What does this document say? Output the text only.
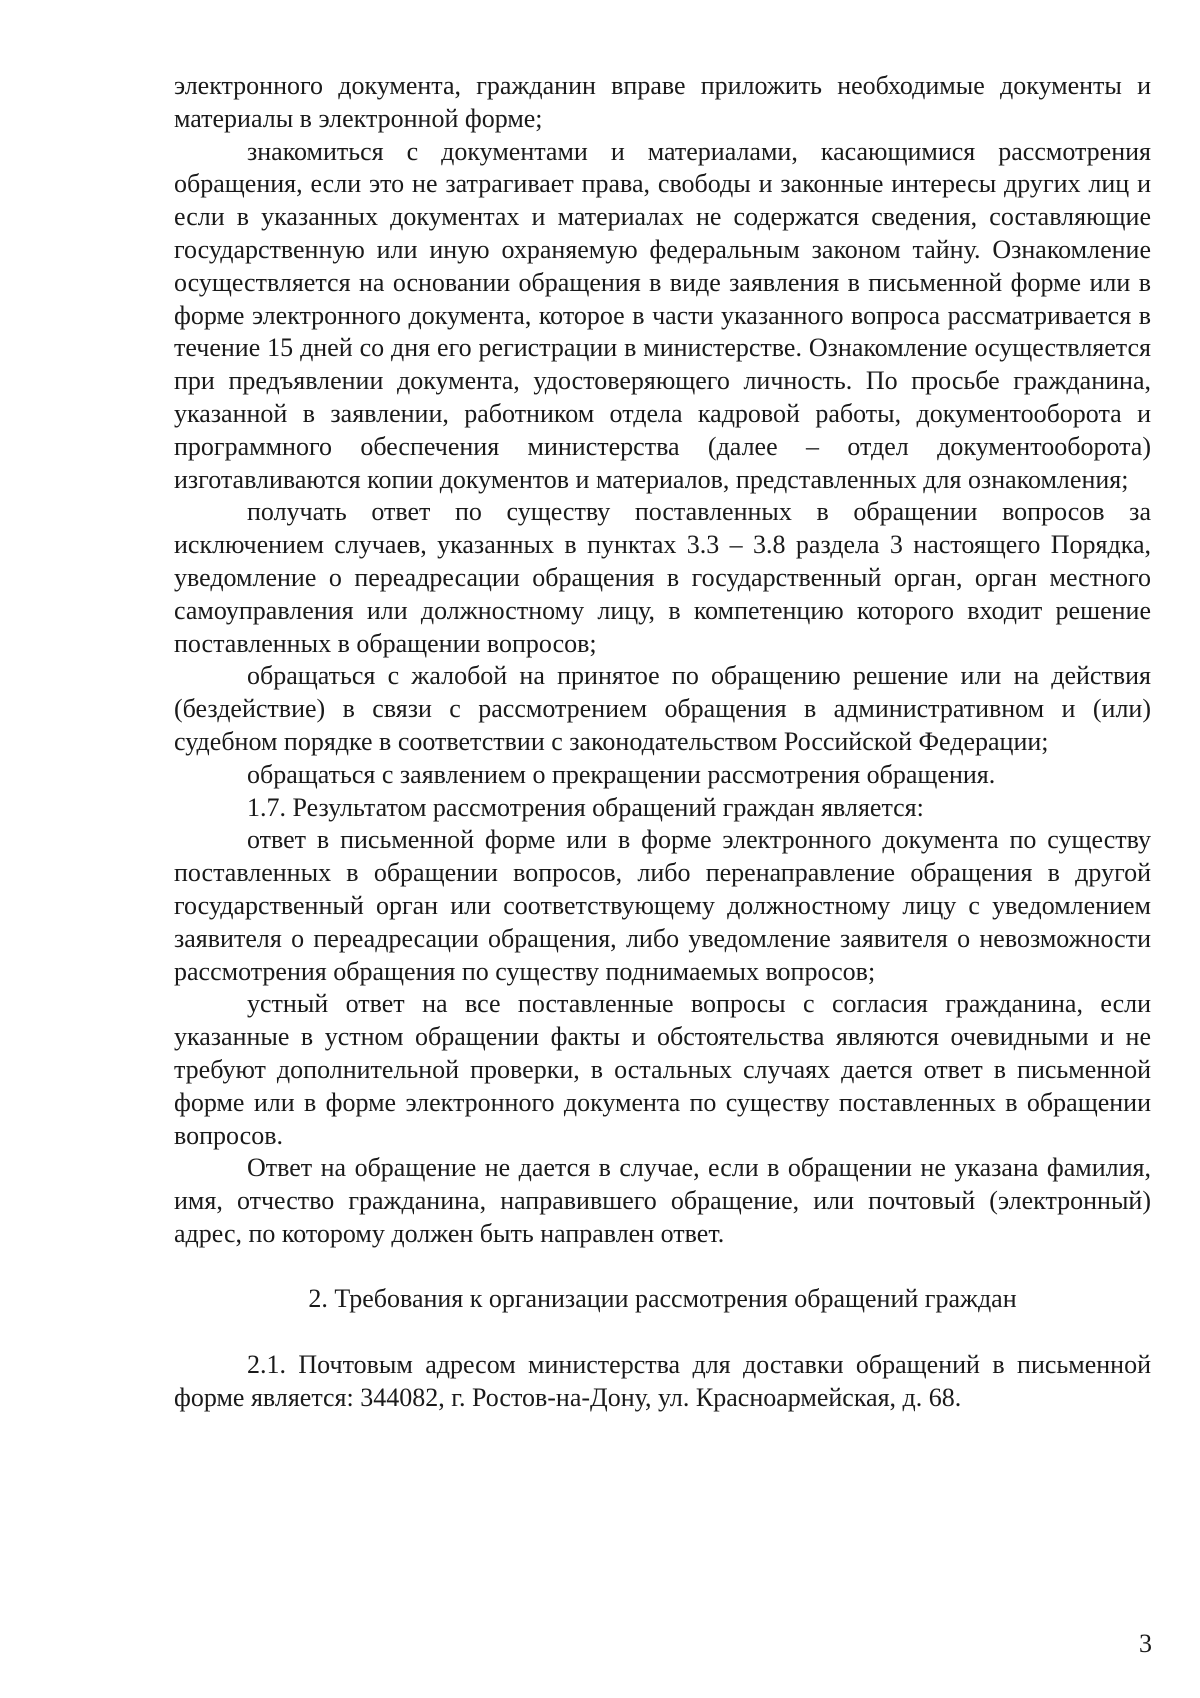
электронного документа, гражданин вправе приложить необходимые документы и материалы в электронной форме;

знакомиться с документами и материалами, касающимися рассмотрения обращения, если это не затрагивает права, свободы и законные интересы других лиц и если в указанных документах и материалах не содержатся сведения, составляющие государственную или иную охраняемую федеральным законом тайну. Ознакомление осуществляется на основании обращения в виде заявления в письменной форме или в форме электронного документа, которое в части указанного вопроса рассматривается в течение 15 дней со дня его регистрации в министерстве. Ознакомление осуществляется при предъявлении документа, удостоверяющего личность. По просьбе гражданина, указанной в заявлении, работником отдела кадровой работы, документооборота и программного обеспечения министерства (далее – отдел документооборота) изготавливаются копии документов и материалов, представленных для ознакомления;

получать ответ по существу поставленных в обращении вопросов за исключением случаев, указанных в пунктах 3.3 – 3.8 раздела 3 настоящего Порядка, уведомление о переадресации обращения в государственный орган, орган местного самоуправления или должностному лицу, в компетенцию которого входит решение поставленных в обращении вопросов;

обращаться с жалобой на принятое по обращению решение или на действия (бездействие) в связи с рассмотрением обращения в административном и (или) судебном порядке в соответствии с законодательством Российской Федерации;

обращаться с заявлением о прекращении рассмотрения обращения.

1.7. Результатом рассмотрения обращений граждан является:

ответ в письменной форме или в форме электронного документа по существу поставленных в обращении вопросов, либо перенаправление обращения в другой государственный орган или соответствующему должностному лицу с уведомлением заявителя о переадресации обращения, либо уведомление заявителя о невозможности рассмотрения обращения по существу поднимаемых вопросов;

устный ответ на все поставленные вопросы с согласия гражданина, если указанные в устном обращении факты и обстоятельства являются очевидными и не требуют дополнительной проверки, в остальных случаях дается ответ в письменной форме или в форме электронного документа по существу поставленных в обращении вопросов.

Ответ на обращение не дается в случае, если в обращении не указана фамилия, имя, отчество гражданина, направившего обращение, или почтовый (электронный) адрес, по которому должен быть направлен ответ.

2. Требования к организации рассмотрения обращений граждан

2.1. Почтовым адресом министерства для доставки обращений в письменной форме является: 344082, г. Ростов-на-Дону, ул. Красноармейская, д. 68.

3
